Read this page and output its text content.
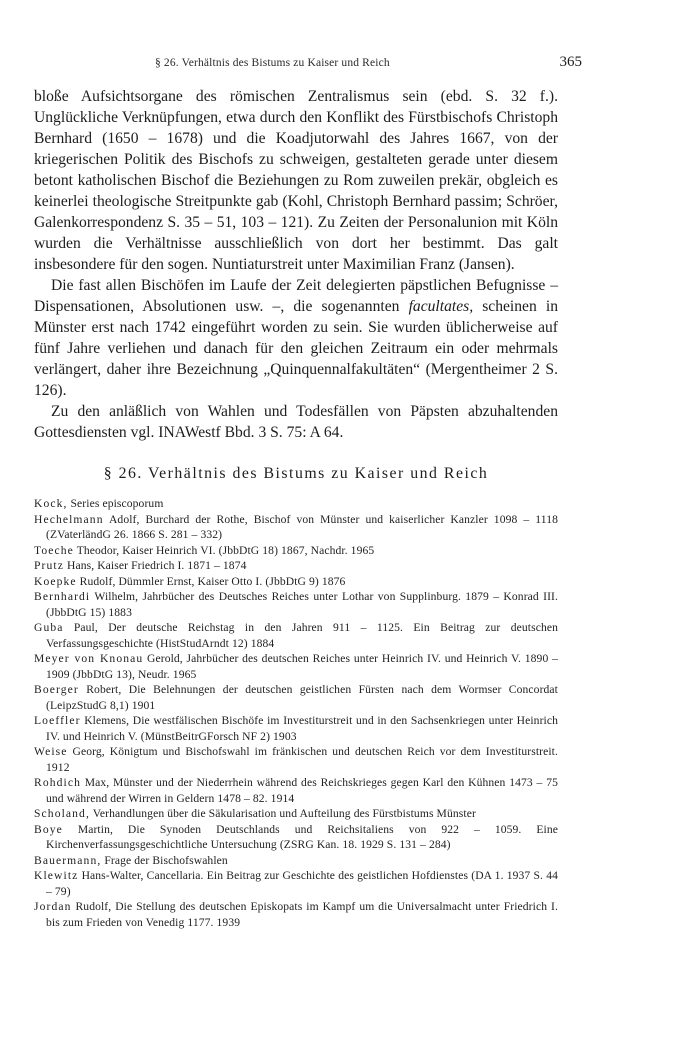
§ 26. Verhältnis des Bistums zu Kaiser und Reich	365

bloße Aufsichtsorgane des römischen Zentralismus sein (ebd. S. 32 f.). Unglückliche Verknüpfungen, etwa durch den Konflikt des Fürstbischofs Christoph Bernhard (1650 – 1678) und die Koadjutorwahl des Jahres 1667, von der kriegerischen Politik des Bischofs zu schweigen, gestalteten gerade unter diesem betont katholischen Bischof die Beziehungen zu Rom zuweilen prekär, obgleich es keinerlei theologische Streitpunkte gab (Kohl, Christoph Bernhard passim; Schröer, Galenkorrespondenz S. 35 – 51, 103 – 121). Zu Zeiten der Personalunion mit Köln wurden die Verhältnisse ausschließlich von dort her bestimmt. Das galt insbesondere für den sogen. Nuntiaturstreit unter Maximilian Franz (Jansen).

Die fast allen Bischöfen im Laufe der Zeit delegierten päpstlichen Befugnisse – Dispensationen, Absolutionen usw. –, die sogenannten facultates, scheinen in Münster erst nach 1742 eingeführt worden zu sein. Sie wurden üblicherweise auf fünf Jahre verliehen und danach für den gleichen Zeitraum ein oder mehrmals verlängert, daher ihre Bezeichnung „Quinquennalfakultäten“ (Mergentheimer 2 S. 126).

Zu den anläßlich von Wahlen und Todesfällen von Päpsten abzuhaltenden Gottesdiensten vgl. INAWestf Bbd. 3 S. 75: A 64.

§ 26. Verhältnis des Bistums zu Kaiser und Reich

Kock, Series episcoporum

Hechelmann Adolf, Burchard der Rothe, Bischof von Münster und kaiserlicher Kanzler 1098 – 1118 (ZVaterländG 26. 1866 S. 281 – 332)

Toeche Theodor, Kaiser Heinrich VI. (JbbDtG 18) 1867, Nachdr. 1965

Prutz Hans, Kaiser Friedrich I. 1871 – 1874

Koepke Rudolf, Dümmler Ernst, Kaiser Otto I. (JbbDtG 9) 1876

Bernhardi Wilhelm, Jahrbücher des Deutsches Reiches unter Lothar von Supplinburg. 1879 – Konrad III. (JbbDtG 15) 1883

Guba Paul, Der deutsche Reichstag in den Jahren 911 – 1125. Ein Beitrag zur deutschen Verfassungsgeschichte (HistStudArndt 12) 1884

Meyer von Knonau Gerold, Jahrbücher des deutschen Reiches unter Heinrich IV. und Heinrich V. 1890 – 1909 (JbbDtG 13), Neudr. 1965

Boerger Robert, Die Belehnungen der deutschen geistlichen Fürsten nach dem Wormser Concordat (LeipzStudG 8,1) 1901

Loeffler Klemens, Die westfälischen Bischöfe im Investiturstreit und in den Sachsenkriegen unter Heinrich IV. und Heinrich V. (MünstBeitrGForsch NF 2) 1903

Weise Georg, Königtum und Bischofswahl im fränkischen und deutschen Reich vor dem Investiturstreit. 1912

Rohdich Max, Münster und der Niederrhein während des Reichskrieges gegen Karl den Kühnen 1473 – 75 und während der Wirren in Geldern 1478 – 82. 1914

Scholand, Verhandlungen über die Säkularisation und Aufteilung des Fürstbistums Münster

Boye Martin, Die Synoden Deutschlands und Reichsitaliens von 922 – 1059. Eine Kirchenverfassungsgeschichtliche Untersuchung (ZSRG Kan. 18. 1929 S. 131 – 284)

Bauermann, Frage der Bischofswahlen

Klewitz Hans-Walter, Cancellaria. Ein Beitrag zur Geschichte des geistlichen Hofdienstes (DA 1. 1937 S. 44 – 79)

Jordan Rudolf, Die Stellung des deutschen Episkopats im Kampf um die Universalmacht unter Friedrich I. bis zum Frieden von Venedig 1177. 1939
